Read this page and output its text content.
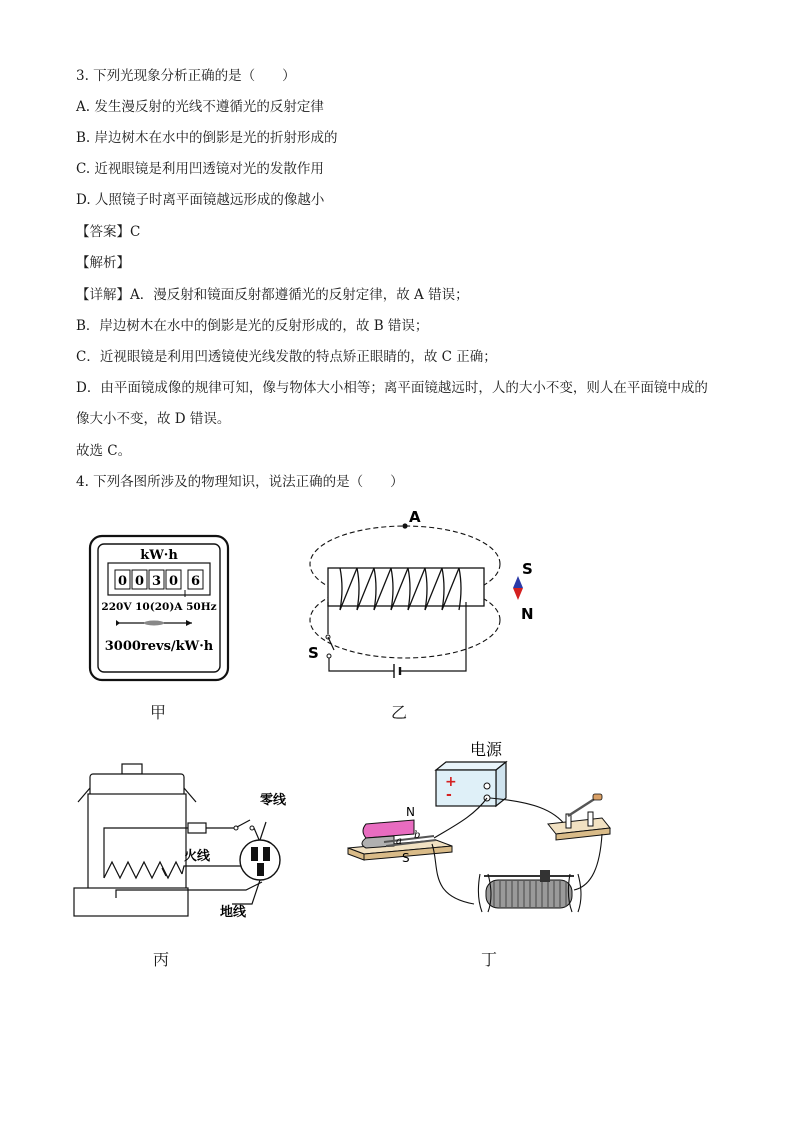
3. 下列光现象分析正确的是（　　）
A. 发生漫反射的光线不遵循光的反射定律
B. 岸边树木在水中的倒影是光的折射形成的
C. 近视眼镜是利用凹透镜对光的发散作用
D. 人照镜子时离平面镜越远形成的像越小
【答案】C
【解析】
【详解】A．漫反射和镜面反射都遵循光的反射定律，故 A 错误；
B．岸边树木在水中的倒影是光的反射形成的，故 B 错误；
C．近视眼镜是利用凹透镜使光线发散的特点矫正眼睛的，故 C 正确；
D．由平面镜成像的规律可知，像与物体大小相等；离平面镜越远时，人的大小不变，则人在平面镜中成的
像大小不变，故 D 错误。
故选 C。
4. 下列各图所涉及的物理知识，说法正确的是（　　）
kW·h
0 0 3 0 6
220V 10(20)A 50Hz
3000revs/kW·h
甲
A
S
S
N
乙
零线
火线
地线
丙
电源
+
-
N
S
a
b
丁
